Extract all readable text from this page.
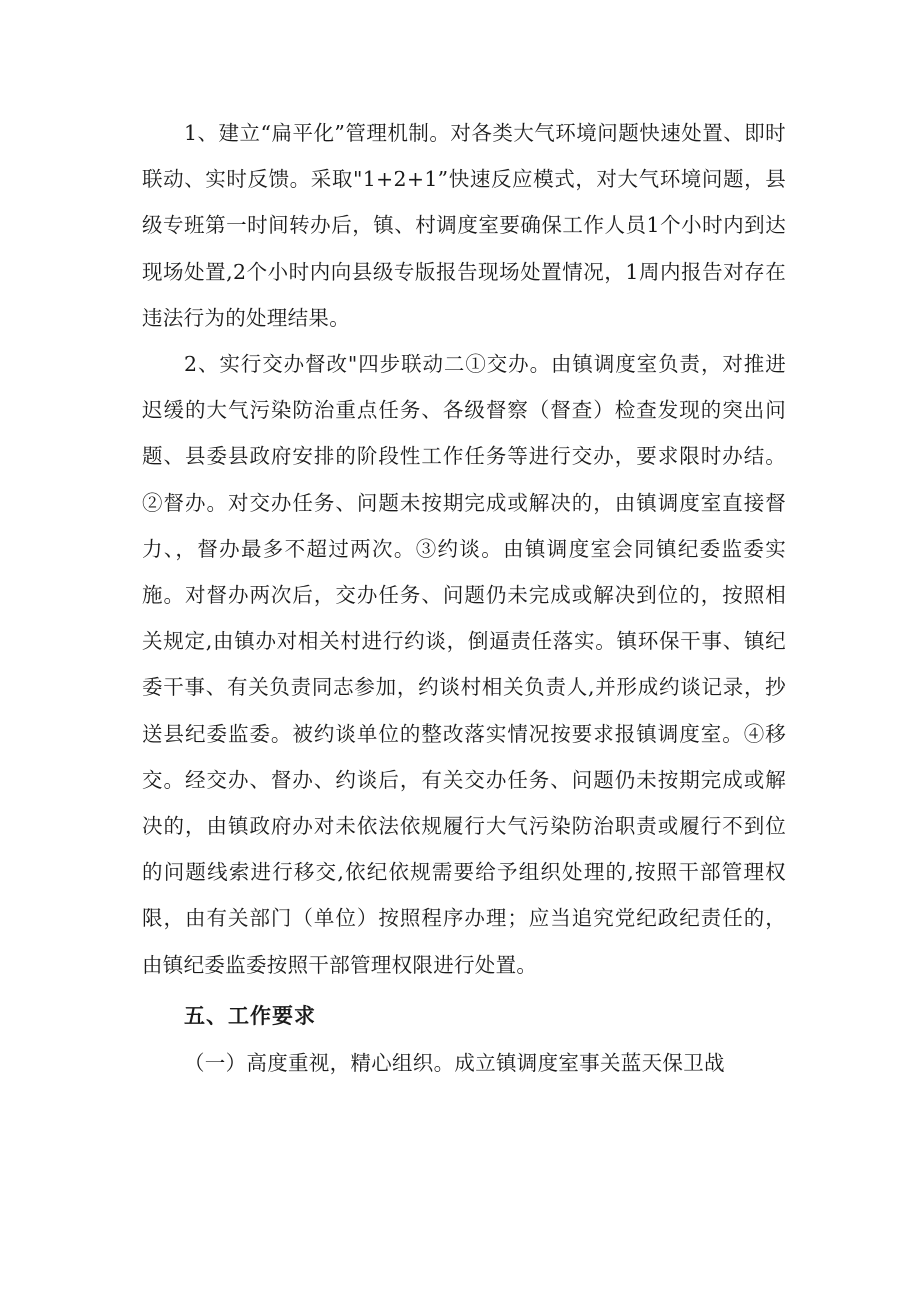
1、建立“扁平化”管理机制。对各类大气环境问题快速处置、即时联动、实时反馈。采取"1+2+1”快速反应模式，对大气环境问题，县级专班第一时间转办后，镇、村调度室要确保工作人员1个小时内到达现场处置,2个小时内向县级专版报告现场处置情况，1周内报告对存在违法行为的处理结果。

2、实行交办督改"四步联动二①交办。由镇调度室负责，对推进迟缓的大气污染防治重点任务、各级督察（督查）检查发现的突出问题、县委县政府安排的阶段性工作任务等进行交办，要求限时办结。②督办。对交办任务、问题未按期完成或解决的，由镇调度室直接督力、，督办最多不超过两次。③约谈。由镇调度室会同镇纪委监委实施。对督办两次后，交办任务、问题仍未完成或解决到位的，按照相关规定,由镇办对相关村进行约谈，倒逼责任落实。镇环保干事、镇纪委干事、有关负责同志参加，约谈村相关负责人,并形成约谈记录，抄送县纪委监委。被约谈单位的整改落实情况按要求报镇调度室。④移交。经交办、督办、约谈后，有关交办任务、问题仍未按期完成或解决的，由镇政府办对未依法依规履行大气污染防治职责或履行不到位的问题线索进行移交,依纪依规需要给予组织处理的,按照干部管理权限，由有关部门（单位）按照程序办理；应当追究党纪政纪责任的，由镇纪委监委按照干部管理权限进行处置。

五、工作要求

（一）高度重视，精心组织。成立镇调度室事关蓝天保卫战
